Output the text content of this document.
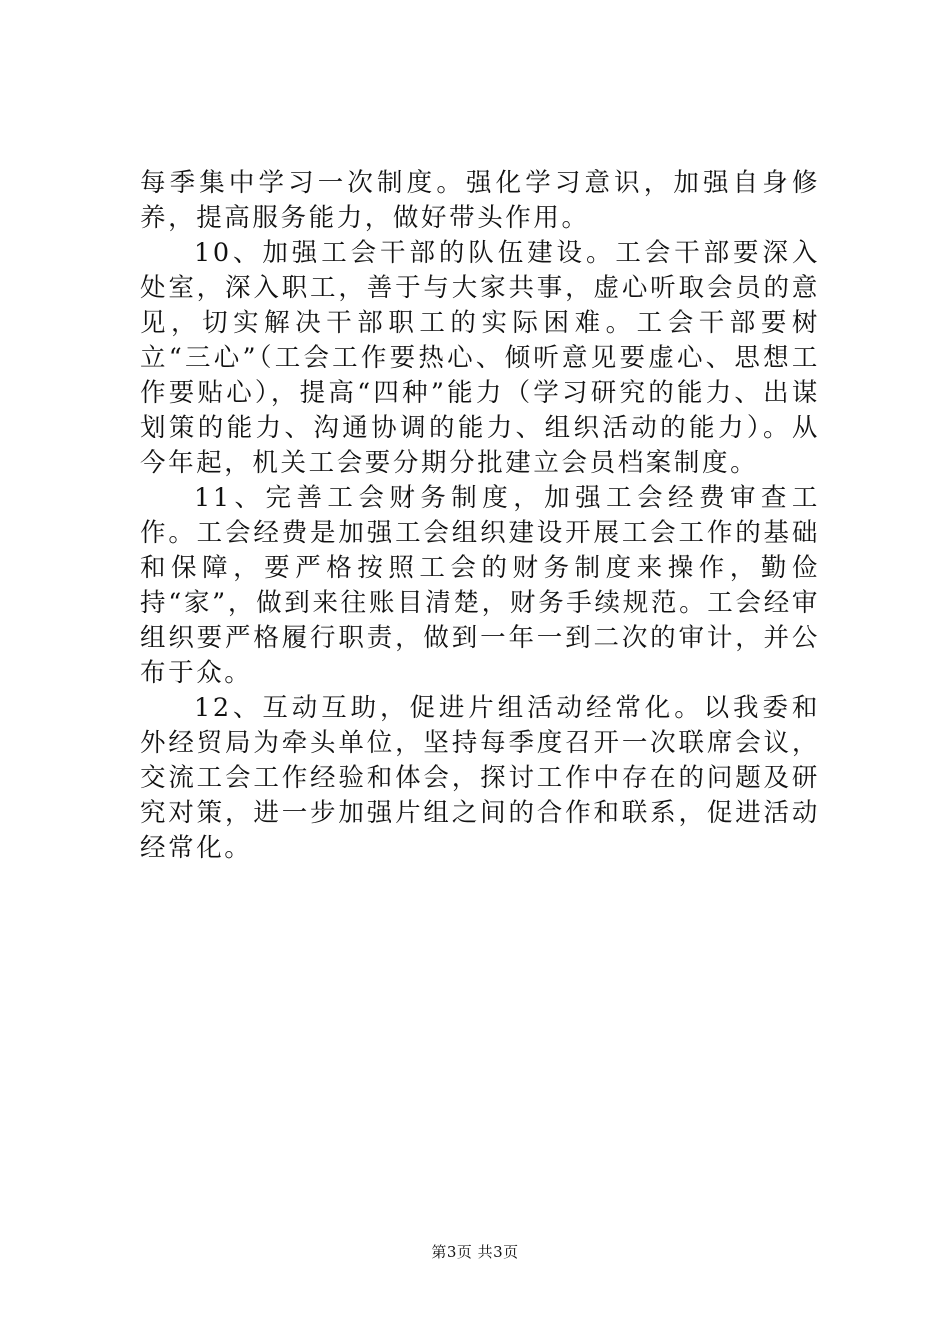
每季集中学习一次制度。强化学习意识，加强自身修养，提高服务能力，做好带头作用。

10、加强工会干部的队伍建设。工会干部要深入处室，深入职工，善于与大家共事，虚心听取会员的意见，切实解决干部职工的实际困难。工会干部要树立“三心”（工会工作要热心、倾听意见要虚心、思想工作要贴心），提高“四种”能力（学习研究的能力、出谋划策的能力、沟通协调的能力、组织活动的能力）。从今年起，机关工会要分期分批建立会员档案制度。

11、完善工会财务制度，加强工会经费审查工作。工会经费是加强工会组织建设开展工会工作的基础和保障，要严格按照工会的财务制度来操作，勤俭持“家”，做到来往账目清楚，财务手续规范。工会经审组织要严格履行职责，做到一年一到二次的审计，并公布于众。

12、互动互助，促进片组活动经常化。以我委和外经贸局为牵头单位，坚持每季度召开一次联席会议，交流工会工作经验和体会，探讨工作中存在的问题及研究对策，进一步加强片组之间的合作和联系，促进活动经常化。

第3页 共3页
